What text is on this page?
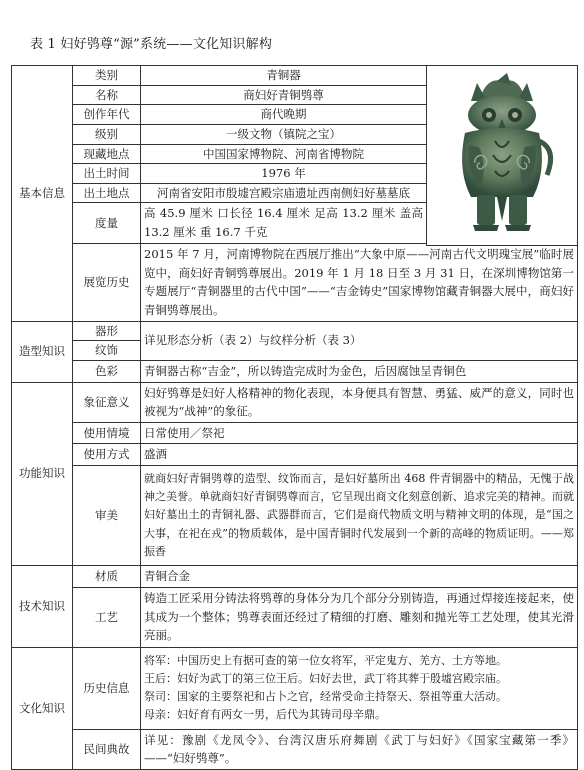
表 1 妇好鸮尊“源”系统——文化知识解构
基本信息	类别	青铜器	

	名称	商妇好青铜鸮尊	
	创作年代	商代晚期	
	级别	一级文物（镇院之宝）	
	现藏地点	中国国家博物院、河南省博物院	
	出土时间	1976 年	
	出土地点	河南省安阳市殷墟宫殿宗庙遗址西南侧妇好墓墓底	
	度量	高 45.9 厘米 口长径 16.4 厘米 足高 13.2 厘米 盖高 13.2 厘米 重 16.7 千克	
	展览历史	2015 年 7 月，河南博物院在西展厅推出“大象中原——河南古代文明瑰宝展”临时展览中，商妇好青铜鸮尊展出。2019 年 1 月 18 日至 3 月 31 日，在深圳博物馆第一专题展厅“青铜器里的古代中国”——“吉金铸史”国家博物馆藏青铜器大展中，商妇好青铜鸮尊展出。	

造型知识	器形	详见形态分析（表 2）与纹样分析（表 3）	
	纹饰		
	色彩	青铜器古称“吉金”，所以铸造完成时为金色，后因腐蚀呈青铜色	
功能知识	象征意义	妇好鸮尊是妇好人格精神的物化表现，本身便具有智慧、勇猛、威严的意义，同时也被视为“战神”的象征。	
	使用情境	日常使用／祭祀	
	使用方式	盛酒	
	审美	就商妇好青铜鸮尊的造型、纹饰而言，是妇好墓所出 468 件青铜器中的精品，无愧于战神之美誉。单就商妇好青铜鸮尊而言，它呈现出商文化刻意创新、追求完美的精神。而就妇好墓出土的青铜礼器、武器群而言，它们是商代物质文明与精神文明的体现，是“国之大事，在祀在戎”的物质载体，是中国青铜时代发展到一个新的高峰的物质证明。——郑振香	
技术知识	材质	青铜合金	
	工艺	铸造工匠采用分铸法将鸮尊的身体分为几个部分分别铸造，再通过焊接连接起来，使其成为一个整体；鸮尊表面还经过了精细的打磨、雕刻和抛光等工艺处理，使其光滑亮丽。	
文化知识	历史信息	将军：中国历史上有据可查的第一位女将军，平定鬼方、羌方、土方等地。
王后：妇好为武丁的第三位王后。妇好去世，武丁将其葬于殷墟宫殿宗庙。
祭司：国家的主要祭祀和占卜之官，经常受命主持祭天、祭祖等重大活动。
母亲：妇好育有两女一男，后代为其铸司母辛鼎。	

	民间典故	详见：豫剧《龙凤令》、台湾汉唐乐府舞剧《武丁与妇好》《国家宝藏第一季》——“妇好鸮尊”。	
